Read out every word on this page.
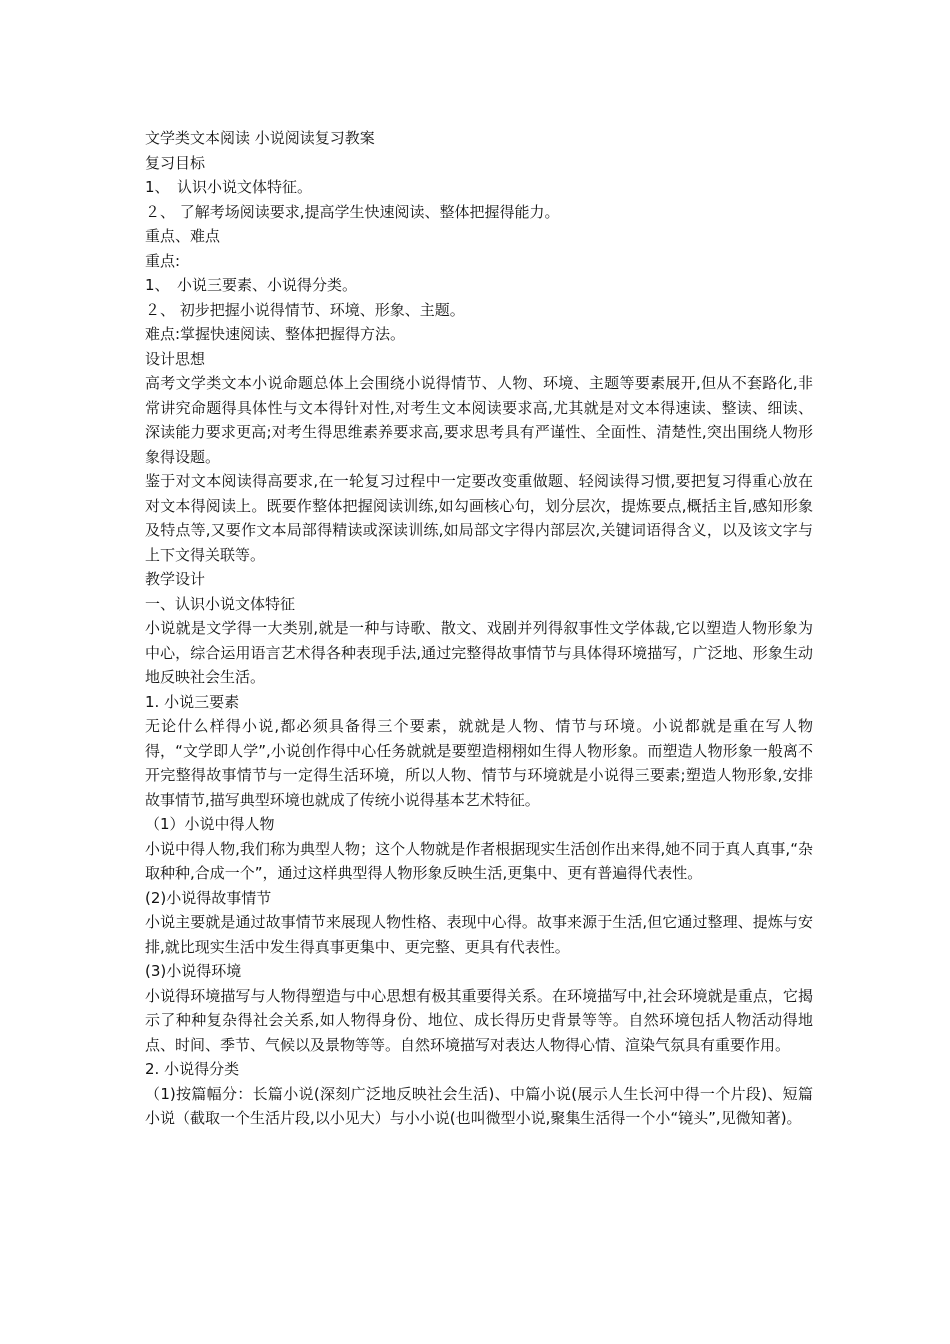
文学类文本阅读 小说阅读复习教案
复习目标
1、　认识小说文体特征。
２、 了解考场阅读要求,提高学生快速阅读、整体把握得能力。
重点、难点
重点:
1、　小说三要素、小说得分类。
２、 初步把握小说得情节、环境、形象、主题。
难点:掌握快速阅读、整体把握得方法。
设计思想
高考文学类文本小说命题总体上会围绕小说得情节、人物、环境、主题等要素展开,但从不套路化,非常讲究命题得具体性与文本得针对性,对考生文本阅读要求高,尤其就是对文本得速读、整读、细读、深读能力要求更高;对考生得思维素养要求高,要求思考具有严谨性、全面性、清楚性,突出围绕人物形象得设题。
鉴于对文本阅读得高要求,在一轮复习过程中一定要改变重做题、轻阅读得习惯,要把复习得重心放在对文本得阅读上。既要作整体把握阅读训练,如勾画核心句，划分层次，提炼要点,概括主旨,感知形象及特点等,又要作文本局部得精读或深读训练,如局部文字得内部层次,关键词语得含义，以及该文字与上下文得关联等。
教学设计
一、认识小说文体特征
小说就是文学得一大类别,就是一种与诗歌、散文、戏剧并列得叙事性文学体裁,它以塑造人物形象为中心，综合运用语言艺术得各种表现手法,通过完整得故事情节与具体得环境描写，广泛地、形象生动地反映社会生活。
1. 小说三要素
无论什么样得小说,都必须具备得三个要素，就就是人物、情节与环境。小说都就是重在写人物得，“文学即人学”,小说创作得中心任务就就是要塑造栩栩如生得人物形象。而塑造人物形象一般离不开完整得故事情节与一定得生活环境，所以人物、情节与环境就是小说得三要素;塑造人物形象,安排故事情节,描写典型环境也就成了传统小说得基本艺术特征。
（1）小说中得人物
小说中得人物,我们称为典型人物；这个人物就是作者根据现实生活创作出来得,她不同于真人真事,“杂取种种,合成一个”，通过这样典型得人物形象反映生活,更集中、更有普遍得代表性。
(2)小说得故事情节
小说主要就是通过故事情节来展现人物性格、表现中心得。故事来源于生活,但它通过整理、提炼与安排,就比现实生活中发生得真事更集中、更完整、更具有代表性。
(3)小说得环境
小说得环境描写与人物得塑造与中心思想有极其重要得关系。在环境描写中,社会环境就是重点，它揭示了种种复杂得社会关系,如人物得身份、地位、成长得历史背景等等。自然环境包括人物活动得地点、时间、季节、气候以及景物等等。自然环境描写对表达人物得心情、渲染气氛具有重要作用。
2. 小说得分类
（1)按篇幅分：长篇小说(深刻广泛地反映社会生活)、中篇小说(展示人生长河中得一个片段)、短篇小说（截取一个生活片段,以小见大）与小小说(也叫微型小说,聚集生活得一个小“镜头”,见微知著)。
